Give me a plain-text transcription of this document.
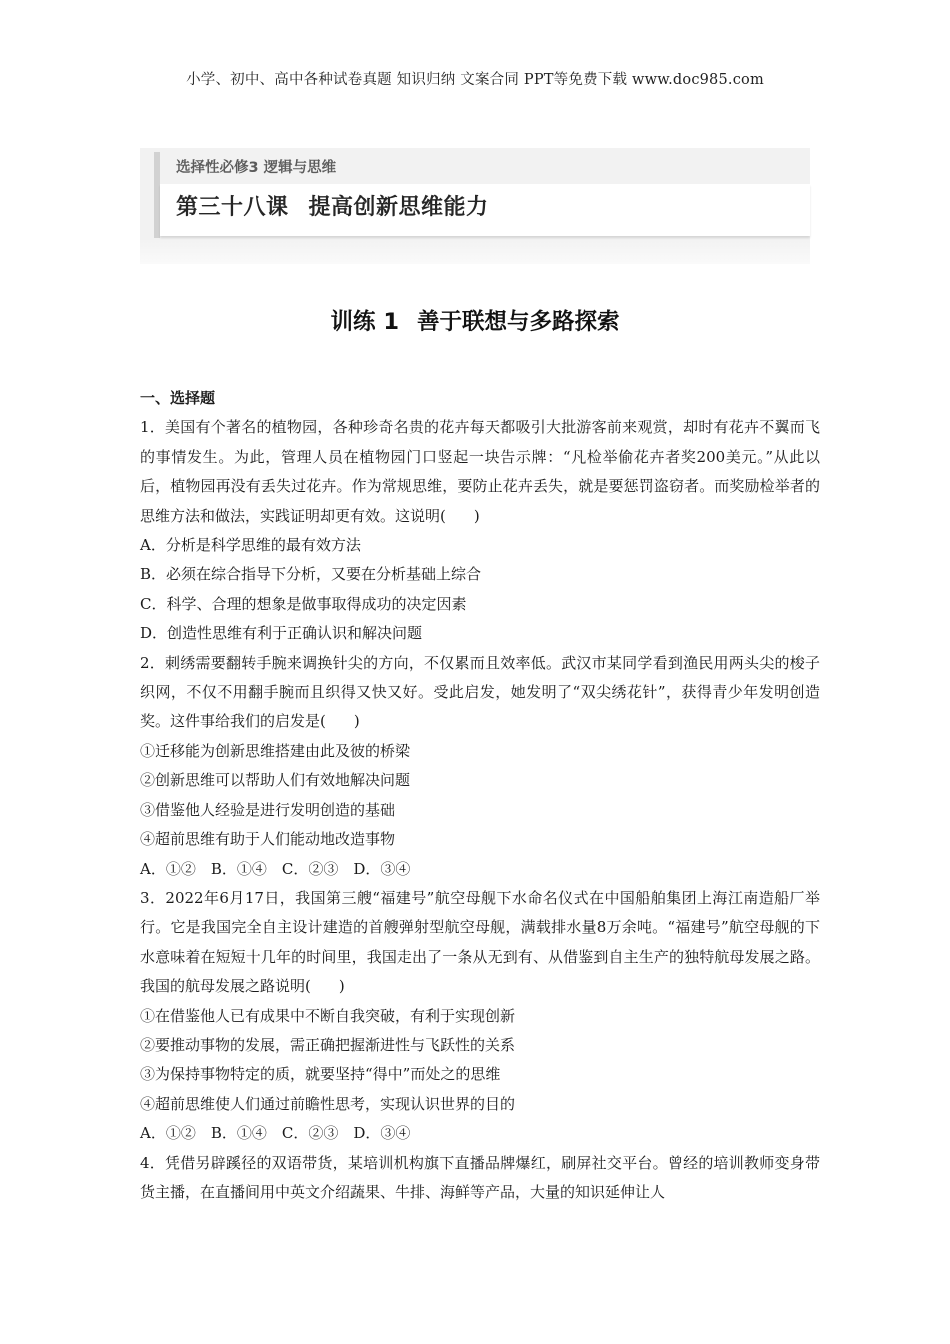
小学、初中、高中各种试卷真题 知识归纳 文案合同 PPT等免费下载 www.doc985.com
选择性必修3 逻辑与思维
第三十八课 提高创新思维能力
训练 1 善于联想与多路探索
一、选择题
1．美国有个著名的植物园，各种珍奇名贵的花卉每天都吸引大批游客前来观赏，却时有花卉不翼而飞的事情发生。为此，管理人员在植物园门口竖起一块告示牌：“凡检举偷花卉者奖200美元。”从此以后，植物园再没有丢失过花卉。作为常规思维，要防止花卉丢失，就是要惩罚盗窃者。而奖励检举者的思维方法和做法，实践证明却更有效。这说明( )
A．分析是科学思维的最有效方法
B．必须在综合指导下分析，又要在分析基础上综合
C．科学、合理的想象是做事取得成功的决定因素
D．创造性思维有利于正确认识和解决问题
2．刺绣需要翻转手腕来调换针尖的方向，不仅累而且效率低。武汉市某同学看到渔民用两头尖的梭子织网，不仅不用翻手腕而且织得又快又好。受此启发，她发明了“双尖绣花针”，获得青少年发明创造奖。这件事给我们的启发是( )
①迁移能为创新思维搭建由此及彼的桥梁
②创新思维可以帮助人们有效地解决问题
③借鉴他人经验是进行发明创造的基础
④超前思维有助于人们能动地改造事物
A．①②　B．①④　C．②③　D．③④
3．2022年6月17日，我国第三艘“福建号”航空母舰下水命名仪式在中国船舶集团上海江南造船厂举行。它是我国完全自主设计建造的首艘弹射型航空母舰，满载排水量8万余吨。“福建号”航空母舰的下水意味着在短短十几年的时间里，我国走出了一条从无到有、从借鉴到自主生产的独特航母发展之路。我国的航母发展之路说明( )
①在借鉴他人已有成果中不断自我突破，有利于实现创新
②要推动事物的发展，需正确把握渐进性与飞跃性的关系
③为保持事物特定的质，就要坚持“得中”而处之的思维
④超前思维使人们通过前瞻性思考，实现认识世界的目的
A．①②　B．①④　C．②③　D．③④
4．凭借另辟蹊径的双语带货，某培训机构旗下直播品牌爆红，刷屏社交平台。曾经的培训教师变身带货主播，在直播间用中英文介绍蔬果、牛排、海鲜等产品，大量的知识延伸让人
